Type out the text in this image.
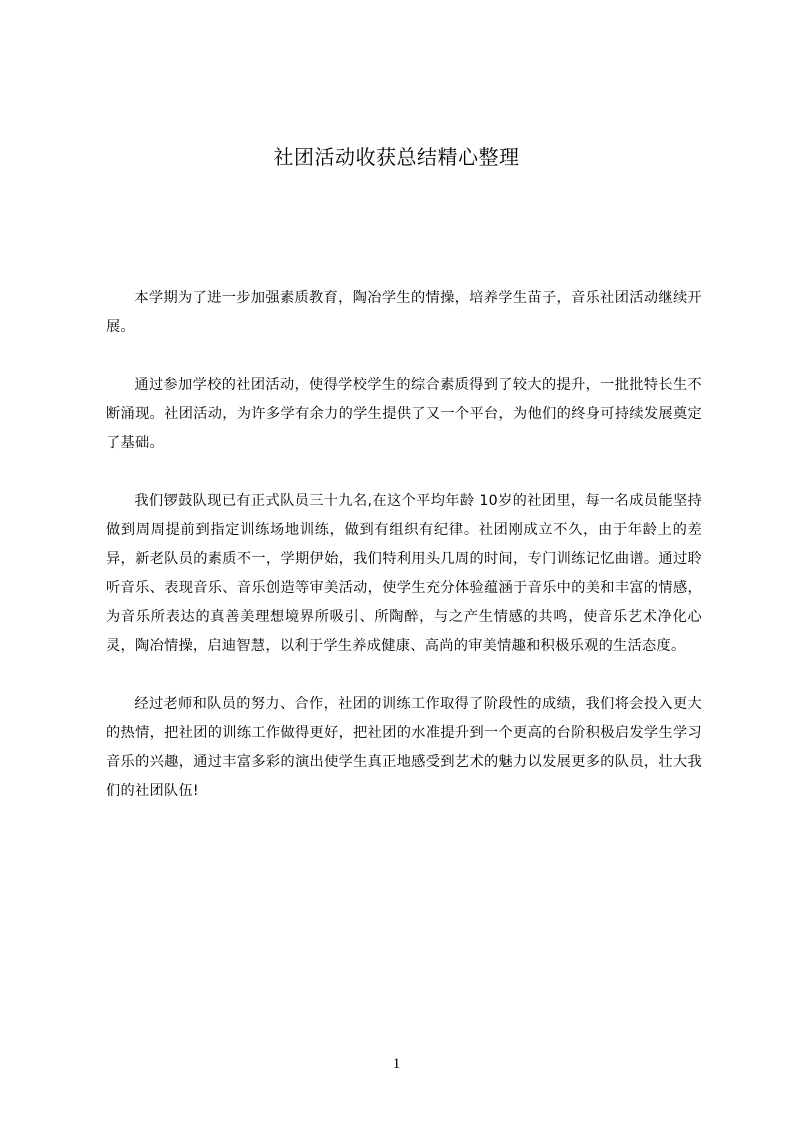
社团活动收获总结精心整理

本学期为了进一步加强素质教育，陶冶学生的情操，培养学生苗子，音乐社团活动继续开展。

通过参加学校的社团活动，使得学校学生的综合素质得到了较大的提升，一批批特长生不断涌现。社团活动，为许多学有余力的学生提供了又一个平台，为他们的终身可持续发展奠定了基础。

我们锣鼓队现已有正式队员三十九名,在这个平均年龄 10岁的社团里，每一名成员能坚持做到周周提前到指定训练场地训练，做到有组织有纪律。社团刚成立不久，由于年龄上的差异，新老队员的素质不一，学期伊始，我们特利用头几周的时间，专门训练记忆曲谱。通过聆听音乐、表现音乐、音乐创造等审美活动，使学生充分体验蕴涵于音乐中的美和丰富的情感，为音乐所表达的真善美理想境界所吸引、所陶醉，与之产生情感的共鸣，使音乐艺术净化心灵，陶冶情操，启迪智慧，以利于学生养成健康、高尚的审美情趣和积极乐观的生活态度。

经过老师和队员的努力、合作，社团的训练工作取得了阶段性的成绩，我们将会投入更大的热情，把社团的训练工作做得更好，把社团的水准提升到一个更高的台阶积极启发学生学习音乐的兴趣，通过丰富多彩的演出使学生真正地感受到艺术的魅力以发展更多的队员，壮大我们的社团队伍!

1
